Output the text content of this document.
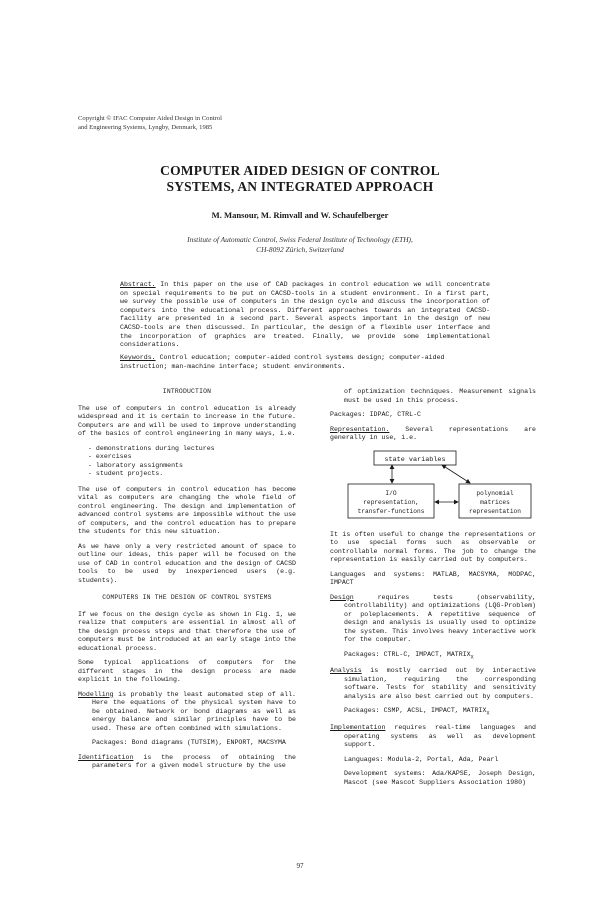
Copyright © IFAC Computer Aided Design in Control
and Engineering Systems, Lyngby, Denmark, 1985
COMPUTER AIDED DESIGN OF CONTROL
SYSTEMS, AN INTEGRATED APPROACH
M. Mansour, M. Rimvall and W. Schaufelberger
Institute of Automatic Control, Swiss Federal Institute of Technology (ETH),
CH-8092 Zürich, Switzerland
Abstract. In this paper on the use of CAD packages in control education we will concentrate on special requirements to be put on CACSD-tools in a student environment. In a first part, we survey the possible use of computers in the design cycle and discuss the incorporation of computers into the educational process. Different approaches towards an integrated CACSD-facility are presented in a second part. Several aspects important in the design of new CACSD-tools are then discussed. In particular, the design of a flexible user interface and the incorporation of graphics are treated. Finally, we provide some implementational considerations.
Keywords. Control education; computer-aided control systems design; computer-aided instruction; man-machine interface; student environments.
INTRODUCTION

The use of computers in control education is already widespread and it is certain to increase in the future. Computers are and will be used to improve understanding of the basics of control engineering in many ways, i.e.

- demonstrations during lectures
- exercises
- laboratory assignments
- student projects.

The use of computers in control education has become vital as computers are changing the whole field of control engineering. The design and implementation of advanced control systems are impossible without the use of computers, and the control education has to prepare the students for this new situation.

As we have only a very restricted amount of space to outline our ideas, this paper will be focused on the use of CAD in control education and the design of CACSD tools to be used by inexperienced users (e.g. students).

COMPUTERS IN THE DESIGN OF CONTROL SYSTEMS

If we focus on the design cycle as shown in Fig. 1, we realize that computers are essential in almost all of the design process steps and that therefore the use of computers must be introduced at an early stage into the educational process.

Some typical applications of computers for the different stages in the design process are made explicit in the following.

Modelling is probably the least automated step of all. Here the equations of the physical system have to be obtained. Network or bond diagrams as well as energy balance and similar principles have to be used. These are often combined with simulations.

Packages: Bond diagrams (TUTSIM), ENPORT, MACSYMA

Identification is the process of obtaining the parameters for a given model structure by the use

of optimization techniques. Measurement signals must be used in this process.

Packages: IDPAC, CTRL-C

Representation. Several representations are generally in use, i.e.

state variables
I/O
representation,
transfer-functions
polynomial
matrices
representation

It is often useful to change the representations or to use special forms such as observable or controllable normal forms. The job to change the representation is easily carried out by computers.

Languages and systems: MATLAB, MACSYMA, MODPAC, IMPACT

Design requires tests (observability, controllability) and optimizations (LQG-Problem) or poleplacements. A repetitive sequence of design and analysis is usually used to optimize the system. This involves heavy interactive work for the computer.

Packages: CTRL-C, IMPACT, $MATRIX_X$

Analysis is mostly carried out by interactive simulation, requiring the corresponding software. Tests for stability and sensitivity analysis are also best carried out by computers.

Packages: CSMP, ACSL, IMPACT, $MATRIX_X$

Implementation requires real-time languages and operating systems as well as development support.

Languages: Modula-2, Portal, Ada, Pearl

Development systems: Ada/KAPSE, Joseph Design, Mascot (see Mascot Suppliers Association 1980)

97
